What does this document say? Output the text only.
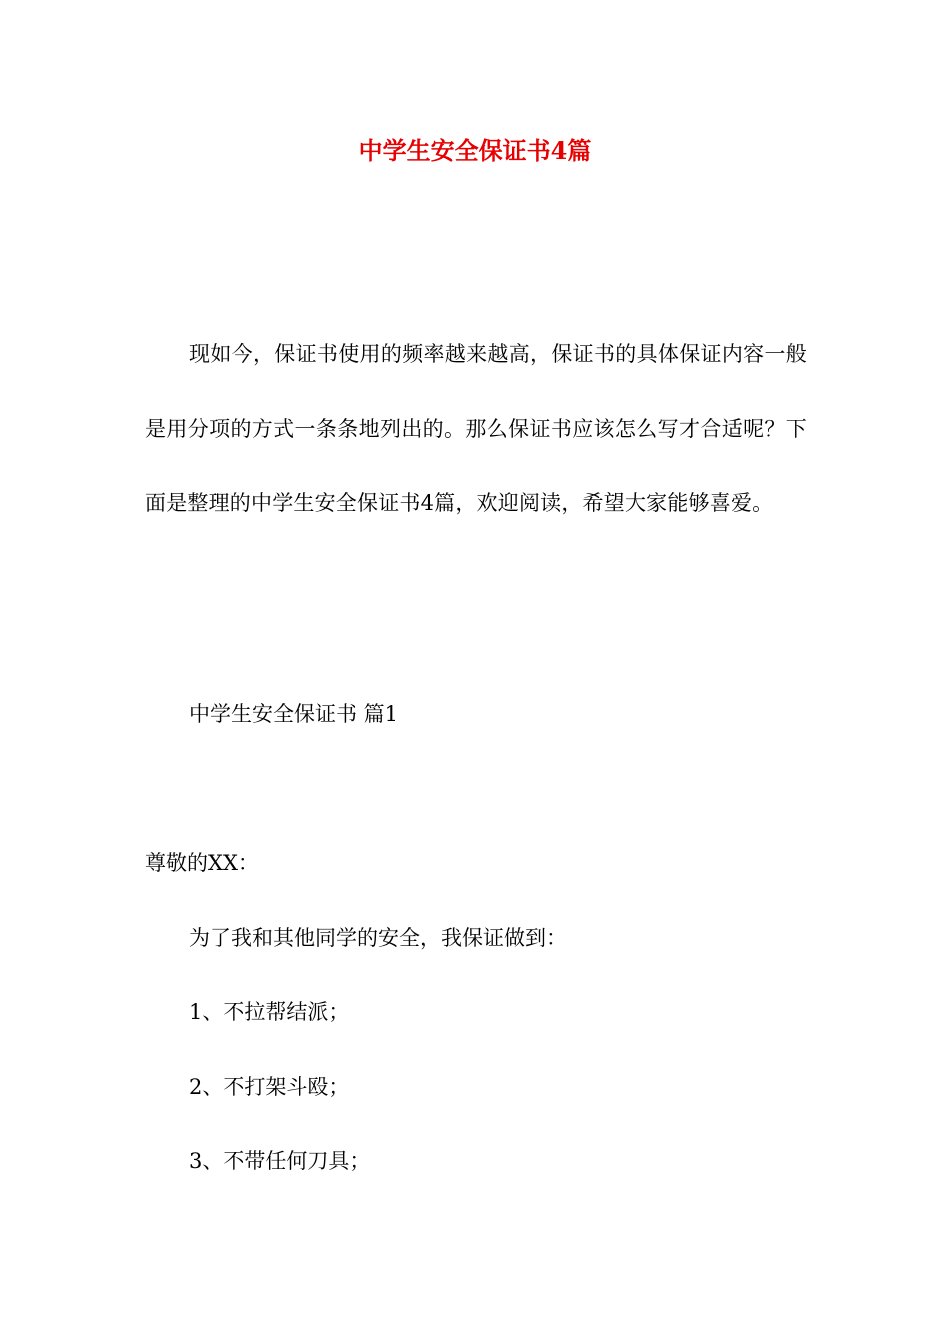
中学生安全保证书4篇

现如今，保证书使用的频率越来越高，保证书的具体保证内容一般是用分项的方式一条条地列出的。那么保证书应该怎么写才合适呢？下面是整理的中学生安全保证书4篇，欢迎阅读，希望大家能够喜爱。

中学生安全保证书 篇1

尊敬的XX：

为了我和其他同学的安全，我保证做到：

1、不拉帮结派；

2、不打架斗殴；

3、不带任何刀具；
